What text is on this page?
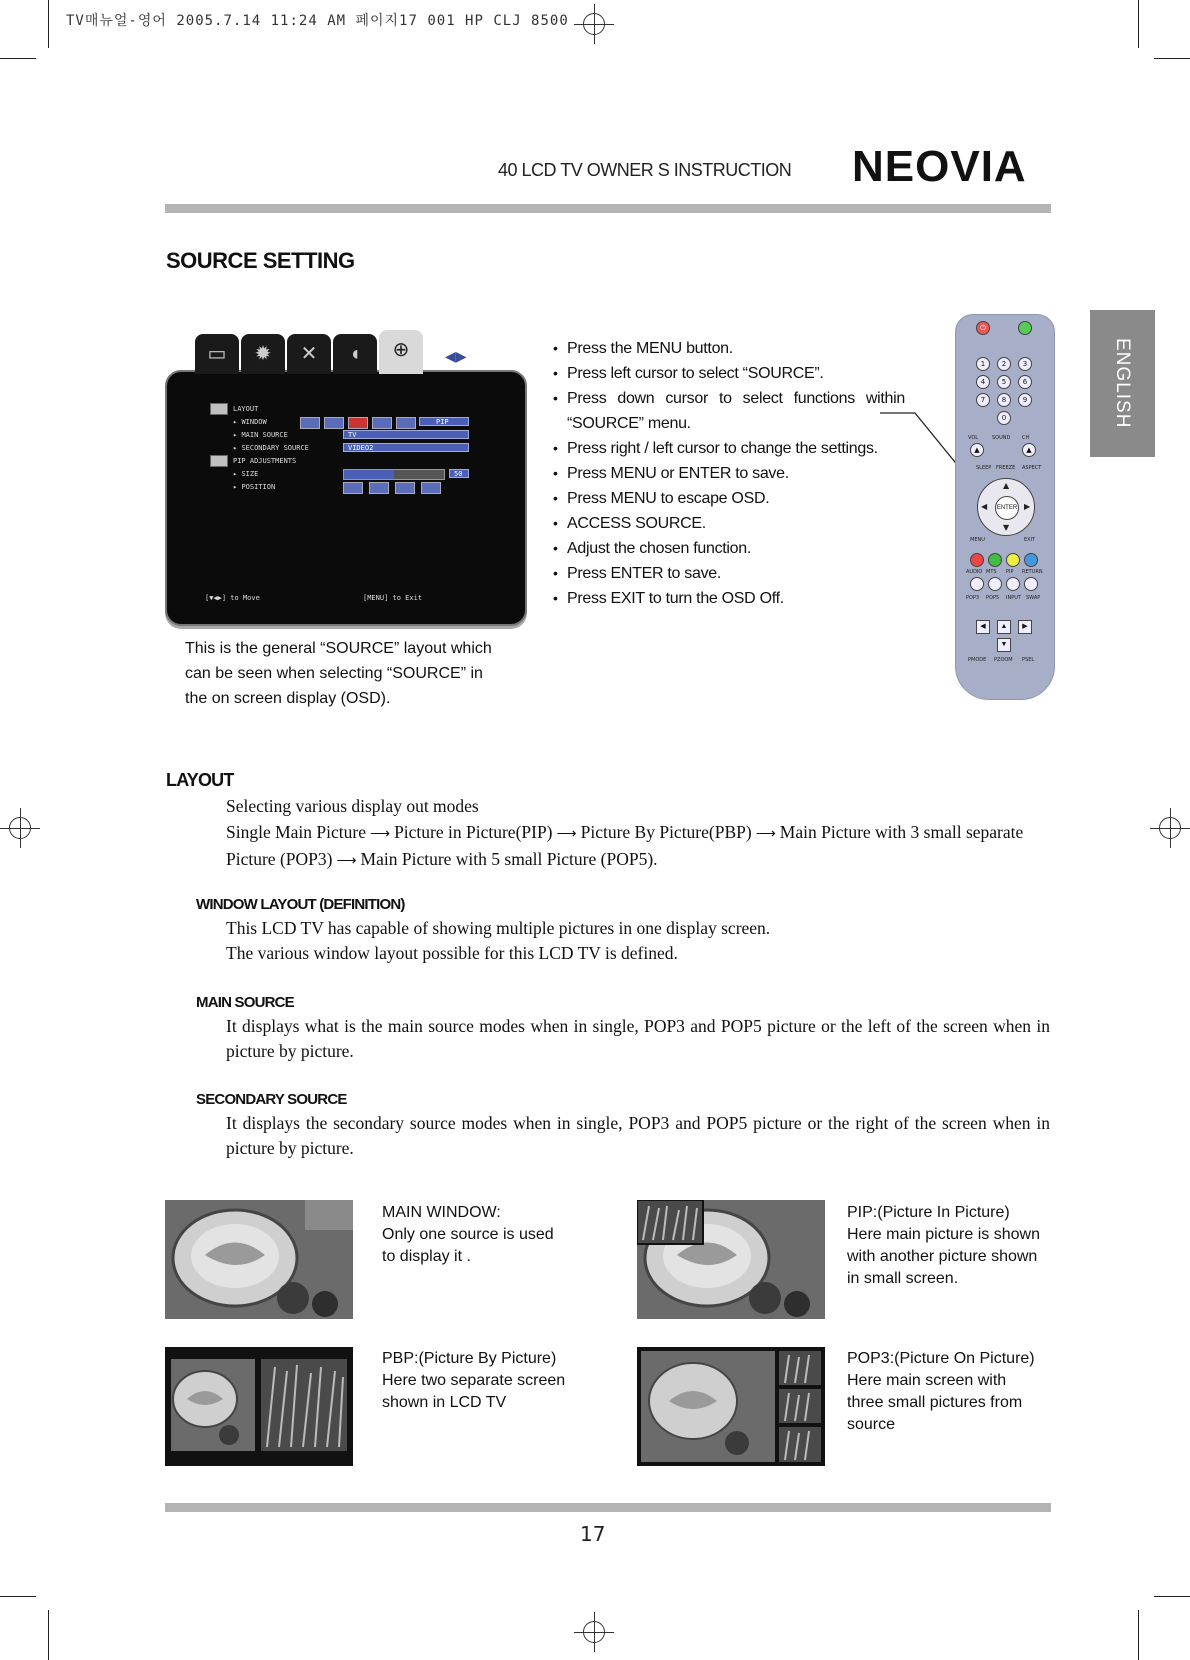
TV매뉴얼-영어 2005.7.14 11:24 AM 페이지17 001 HP CLJ 8500
40 LCD TV OWNER S INSTRUCTION NEOVIA
ENGLISH
SOURCE SETTING
▭	✹	✕	◖	⊕	◀▶
LAYOUT
▸ WINDOW	PIP
▸ MAIN SOURCE	TV
▸ SECONDARY SOURCE	VIDEO2
PIP ADJUSTMENTS
▸ SIZE	50
▸ POSITION
[▼◀▶] to Move	[MENU] to Exit
This is the general “SOURCE” layout which can be seen when selecting “SOURCE” in the on screen display (OSD).
• Press the MENU button.
• Press left cursor to select “SOURCE”.
• Press down cursor to select functions within “SOURCE” menu.
• Press right / left cursor to change the settings.
• Press MENU or ENTER to save.
• Press MENU to escape OSD.
• ACCESS SOURCE.
• Adjust the chosen function.
• Press ENTER to save.
• Press EXIT to turn the OSD Off.
⏻
1	2	3
4	5	6
7	8	9
0
VOL	SOUND CH
▲	▲
SLEEP FREEZE ASPECT
▲
▼
◀	▶
ENTER
MENU	EXIT
AUDIO MTS PIP RETURN
POP3 POP5 INPUT SWAP
◀	▲	▶
▼
PMODE PZOOM PSEL
LAYOUT
Selecting various display out modes
Single Main Picture ⟶ Picture in Picture(PIP) ⟶ Picture By Picture(PBP) ⟶ Main Picture with 3 small separate Picture (POP3) ⟶ Main Picture with 5 small Picture (POP5).
WINDOW LAYOUT (DEFINITION)
This LCD TV has capable of showing multiple pictures in one display screen.
The various window layout possible for this LCD TV is defined.
MAIN SOURCE
It displays what is the main source modes when in single, POP3 and POP5 picture or the left of the screen when in picture by picture.
SECONDARY SOURCE
It displays the secondary source modes when in single, POP3 and POP5 picture or the right of the screen when in picture by picture.
MAIN WINDOW:
Only one source is used
to display it .
PIP:(Picture In Picture)
Here main picture is shown
with another picture shown
in small screen.
PBP:(Picture By Picture)
Here two separate screen
shown in LCD TV
POP3:(Picture On Picture)
Here main screen with
three small pictures from
source
17
